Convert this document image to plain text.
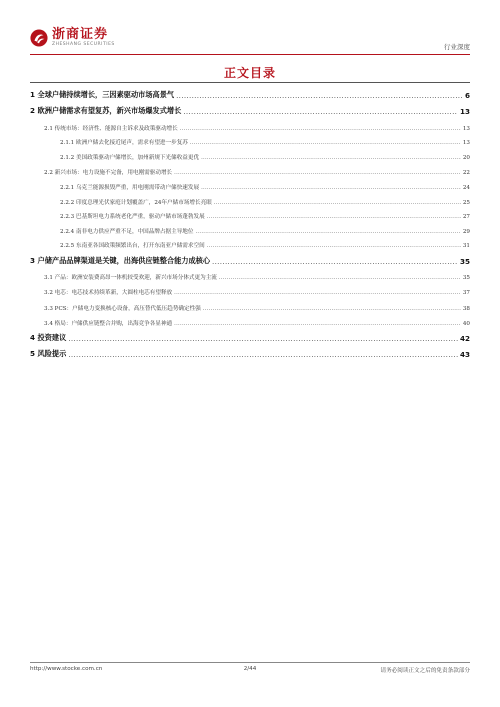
浙商证券
ZHESHANG SECURITIES	行业深度
正文目录
1 全球户储持续增长，三因素驱动市场高景气 .....	6
2 欧洲户储需求有望复苏，新兴市场爆发式增长 .....	13
2.1 传统市场：经济性、能源自主诉求及政策驱动增长 .....	13
2.1.1 欧洲户储去化接近尾声，需求有望进一步复苏 .....	13
2.1.2 美国政策驱动户储增长，加州新规下光储收益更优 .....	20
2.2 新兴市场：电力设施不完备，用电刚需驱动增长 .....	22
2.2.1 乌克兰能源损毁严重，用电刚需带动户储快速发展 .....	24
2.2.2 印度总理光伏家庭计划覆盖广，24年户储市场增长亮眼 .....	25
2.2.3 巴基斯坦电力系统老化严重，驱动户储市场蓬勃发展 .....	27
2.2.4 南非电力供应严重不足，中国品牌占据主导地位 .....	29
2.2.5 东南亚各国政策频繁出台，打开东南亚户储需求空间 .....	31
3 户储产品品牌渠道是关键，出海供应链整合能力成核心 .....	35
3.1 产品：欧洲安装费高昂一体机较受欢迎，新兴市场分体式更为主流 .....	35
3.2 电芯：电芯技术持续革新，大圆柱电芯有望释放 .....	37
3.3 PCS：户储电力变换核心设备，高压替代低压趋势确定性强 .....	38
3.4 格局：户储供应链整合并购，出海竞争各显神通 .....	40
4 投资建议 .....	42
5 风险提示 .....	43
http://www.stocke.com.cn	2/44	请务必阅读正文之后的免责条款部分
